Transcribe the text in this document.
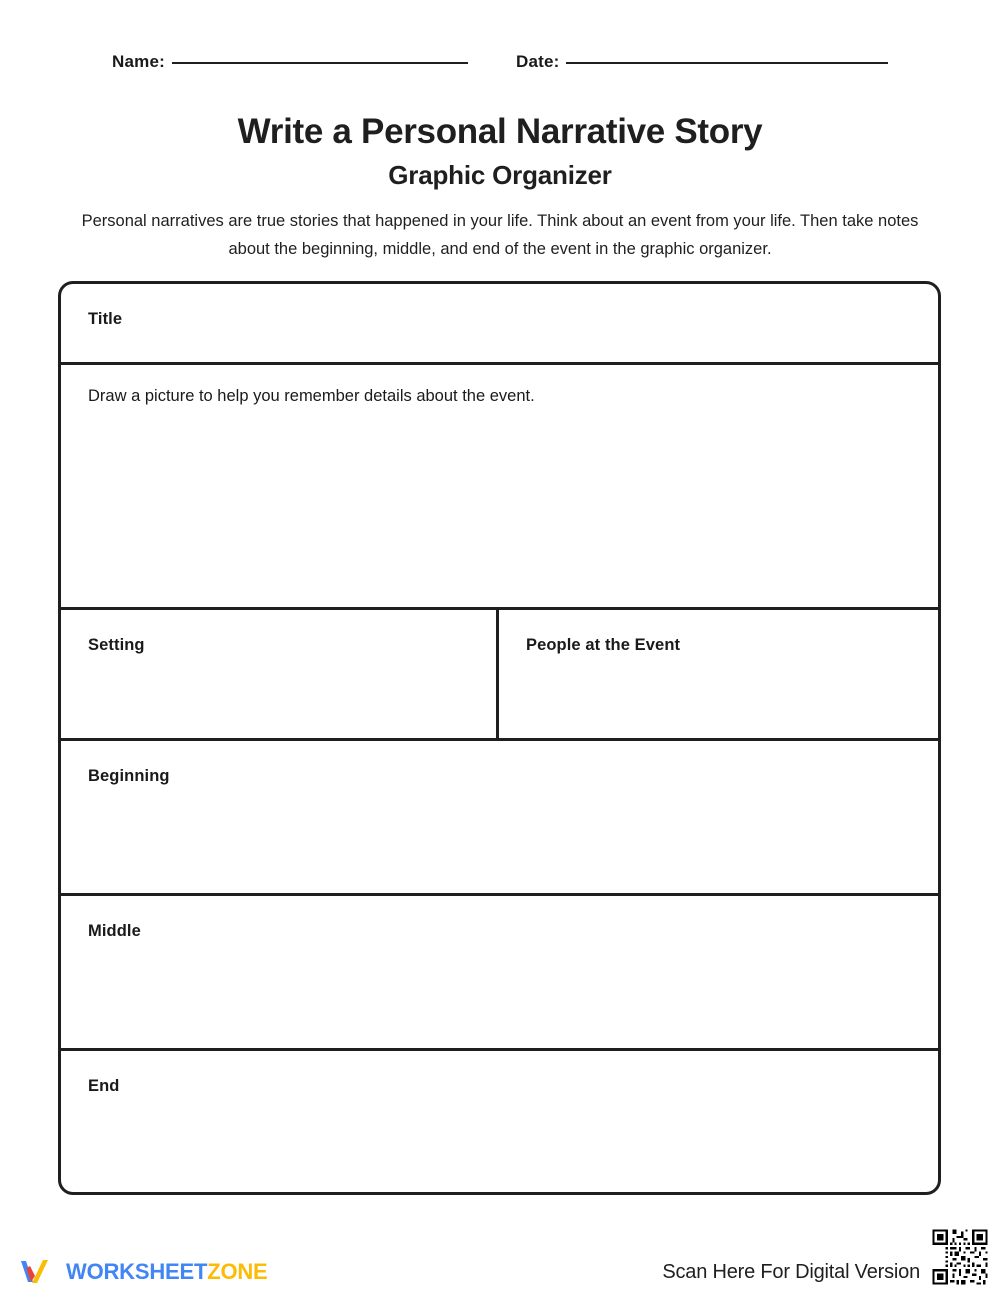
Name:	Date:
Write a Personal Narrative Story
Graphic Organizer
Personal narratives are true stories that happened in your life. Think about an event from your life. Then take notes about the beginning, middle, and end of the event in the graphic organizer.
Title
Draw a picture to help you remember details about the event.
Setting	People at the Event
Beginning
Middle
End
WORKSHEETZONE	Scan Here For Digital Version
